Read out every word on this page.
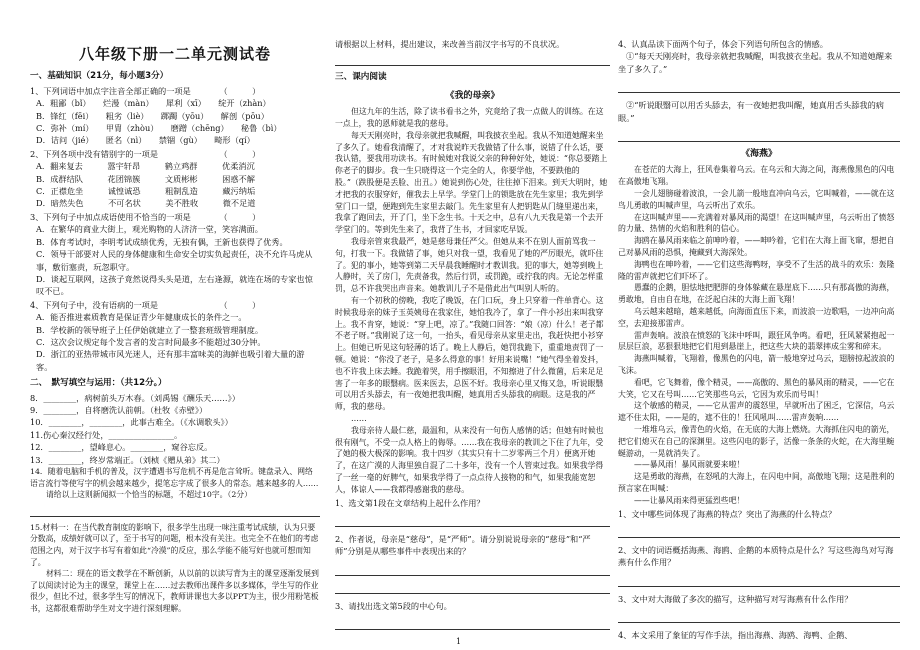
八年级下册一二单元测试卷
一、基础知识（21分，每小题3分）
1、下列词语中加点字注音全部正确的一项是　　　　（　　　）
A．粗鄙（bǐ）　　烂漫（màn）　　犀利（xī）　　绽开（zhàn）
B．锋红（fēi）　　粗劣（liè）　　踯躅（yōu）　　解剖（pōu）
C．弥补（mí）　　甲胄（zhòu）　　磨蹭（chēng）　　秘鲁（bì）
D．诘问（jié）　　匿名（nì）　　禁锢（gù）　　畸形（qí）
2、下列各项中没有错别字的一项是　　　　　　　　（　　　）
A．翻来复去　　　嚣宇轩昂　　　鹤立鸡群　　　优柔消沉
B．成群结队　　　花团锦簇　　　文质彬彬　　　困惑不解
C．正襟危坐　　　诚惶诚恐　　　粗制乱造　　　藏污纳垢
D．暗然失色　　　不可名状　　　美不胜收　　　微不足道
3、下列句子中加点成语使用不恰当的一项是　　　　（　　　）
A．在繁华的商业大街上，观光购物的人济济一堂，笑容满面。
B．体育考试时，李明考试成绩优秀，无独有偶，王新也获得了优秀。
C．领导干部要对人民的身体健康和生命安全切实负起责任，决不允许马虎从事，敷衍塞责，玩忽职守。
D．谈起互联网，这孩子竟然说得头头是道，左右逢源，就连在场的专家也惊叹不已。
4、下列句子中，没有语病的一项是　　　　　　　　（　　　）
A．能否推进素质教育是保证青少年健康成长的条件之一。
B．学校新的领导班子上任伊始就建立了一整套班级管理制度。
C．这次会议规定每个发言者的发言时间最多不能超过30分钟。
D．浙江的亚热带城市风光迷人，还有那丰富味美的海鲜也吸引着大量的游客。
二、　默写填空与运用：（共12分。）
8．________，病树前头万木春。（刘禹锡《酬乐天……》）
9．________，自将磨洗认前朝。（杜牧《赤壁》）
10．________，________，此事古难全。（《水调歌头》）
11.伤心秦汉经行处，________________。
12．________，望峰息心。________，窥谷忘反。
13．________，终岁常端正。（刘桢《赠从弟》其二）
14．随着电脑和手机的普及，汉字遭遇书写危机不再是危言耸听。键盘录入、网络语言流行等使写字的机会越来越少，提笔忘字成了很多人的常态。越来越多的人……
请给以上这则新闻拟一个恰当的标题，不超过10字。（2分）
15.材料一：在当代教育制度的影响下，很多学生出现一味注重考试成绩，认为只要分数高，成绩好就可以了，至于书写的问题，根本没有关注。也完全不在他们的考虑范围之内，对于汉字书写有着如此“冷漠”的反应，那么学能不能写好也就可想而知了。
材料二：现在的语文教学在不断创新，从以前的以读写背为主的课堂逐渐发展到了以阅读讨论为主的课堂，课堂上在……过去教师出课件多以多媒体，学生写的作业很少，但比不过，很多学生写的情况下，教师讲课也大多以PPT为主，很少用粉笔板书，这都很难帮助学生对文字进行深刻理解。
请根据以上材料，提出建议，来改善当前汉字书写的不良状况。
三、课内阅读
《我的母亲》

但这九年的生活，除了读书看书之外，究竟给了我一点做人的训练。在这一点上，我的恩师就是我的慈母。

每天天刚亮时，我母亲就把我喊醒，叫我披衣坐起。我从不知道她醒来坐了多久了。她看我清醒了，才对我说昨天我做错了什么事，说错了什么话，要我认错，要我用功读书。有时候她对我说父亲的种种好处，她说：“你总要踏上你老子的脚步。我一生只晓得这一个完全的人，你要学他，不要跌他的股。”（跌股便是丢脸、出丑。）她说到伤心处，往往掉下泪来。到天大明时，她才把我的衣服穿好，催我去上早学。学堂门上的锁匙放在先生家里；我先到学堂门口一望，便跑到先生家里去敲门。先生家里有人把钥匙从门缝里递出来，我拿了跑回去，开了门，坐下念生书。十天之中，总有八九天我是第一个去开学堂门的。等到先生来了，我背了生书，才回家吃早饭。

我母亲管束我最严，她是慈母兼任严父。但她从来不在别人面前骂我一句，打我一下。我做错了事，她只对我一望，我看见了她的严厉眼光，就吓住了。犯的事小，她等到第二天早晨我睡醒时才教训我。犯的事大，她等到晚上人静时，关了房门，先责备我，然后行罚，或罚跪，或拧我的肉。无论怎样重罚，总不许我哭出声音来。她教训儿子不是借此出气叫别人听的。

有一个初秋的傍晚，我吃了晚饭，在门口玩，身上只穿着一件单背心。这时候我母亲的妹子玉英姨母在我家住，她怕我冷了，拿了一件小衫出来叫我穿上。我不肯穿，她说：“穿上吧，凉了。”我随口回答：“娘（凉）什么！老子都不老子呀。”我刚说了这一句，一抬头，看见母亲从家里走出，我赶快把小衫穿上。但她已听见这句轻薄的话了。晚上人静后，她罚我跪下，重重地责罚了一顿。她说：“你没了老子，是多么得意的事！好用来说嘴！”她气得坐着发抖，也不许我上床去睡。我跪着哭，用手擦眼泪，不知擦进了什么微菌，后来足足害了一年多的眼翳病。医来医去，总医不好。我母亲心里又悔又急，听说眼翳可以用舌头舔去，有一夜她把我叫醒，她真用舌头舔我的病眼。这是我的严师，我的慈母。

……

我母亲待人最仁慈，最温和，从来没有一句伤人感情的话；但她有时候也很有刚气，不受一点人格上的侮辱。……我在我母亲的教训之下住了九年，受了她的极大极深的影响。我十四岁（其实只有十二岁零两三个月）便离开她了，在这广漠的人海里独自混了二十多年，没有一个人管束过我。如果我学得了一丝一毫的好脾气，如果我学得了一点点待人接物的和气，如果我能宽恕人，体谅人——我都得感谢我的慈母。

1、选文第1段在文章结构上起什么作用？
2、作者说，母亲是“慈母”，是“严师”。请分别说说母亲的“慈母”和“严师”分别是从哪些事件中表现出来的？
3、请找出选文第5段的中心句。
4、认真品读下面两个句子，体会下列语句所包含的情感。
①“每天天刚亮时，我母亲就把我喊醒，叫我披衣坐起。我从不知道她醒来坐了多久了。”
②“听说眼翳可以用舌头舔去，有一夜她把我叫醒，她真用舌头舔我的病眼。”
《海燕》

在苍茫的大海上，狂风卷集着乌云。在乌云和大海之间，海燕像黑色的闪电在高傲地飞翔。

一会儿翅膀碰着波浪，一会儿箭一般地直冲向乌云，它叫喊着，——就在这鸟儿勇敢的叫喊声里，乌云听出了欢乐。

在这叫喊声里——充满着对暴风雨的渴望！在这叫喊声里，乌云听出了愤怒的力量、热情的火焰和胜利的信心。

海鸥在暴风雨来临之前呻吟着，——呻吟着，它们在大海上面飞窜，想把自己对暴风雨的恐惧，掩藏到大海深处。

海鸭也在呻吟着，——它们这些海鸭呀，享受不了生活的战斗的欢乐：轰隆隆的雷声就把它们吓坏了。

愚蠢的企鹅，胆怯地把肥胖的身体躲藏在悬崖底下……只有那高傲的海燕，勇敢地，自由自在地，在泛起白沫的大海上面飞翔！

乌云越来越暗，越来越低，向海面直压下来，而波浪一边歌唱，一边冲向高空，去迎接那雷声。

雷声轰响。波浪在愤怒的飞沫中呼叫，跟狂风争鸣。看吧，狂风紧紧抱起一层层巨浪，恶狠狠地把它们甩到悬崖上，把这些大块的翡翠摔成尘雾和碎末。

海燕叫喊着，飞翔着，像黑色的闪电，箭一般地穿过乌云，翅膀掠起波浪的飞沫。

看吧，它飞舞着，像个精灵，——高傲的、黑色的暴风雨的精灵，——它在大笑，它又在号叫……它笑那些乌云，它因为欢乐而号叫！

这个敏感的精灵，——它从雷声的震怒里，早就听出了困乏，它深信，乌云遮不住太阳，——是的，遮不住的！狂风吼叫……雷声轰响……

一堆堆乌云，像青色的火焰，在无底的大海上燃烧。大海抓住闪电的箭光，把它们熄灭在自己的深渊里。这些闪电的影子，活像一条条的火蛇，在大海里蜿蜒游动，一晃就消失了。

——暴风雨！暴风雨就要来啦！

这是勇敢的海燕，在怒吼的大海上，在闪电中间，高傲地飞翔；这是胜利的预言家在叫喊：

——让暴风雨来得更猛烈些吧！

1、文中哪些词体现了海燕的特点？突出了海燕的什么特点？
2、文中的词语概括海燕、海鸥、企鹅的本质特点是什么？写这些海鸟对写海燕有什么作用？
3、文中对大海做了多次的描写，这种描写对写海燕有什么作用？
4、本文采用了象征的写作手法，指出海燕、海鸥、海鸭、企鹅、
1
